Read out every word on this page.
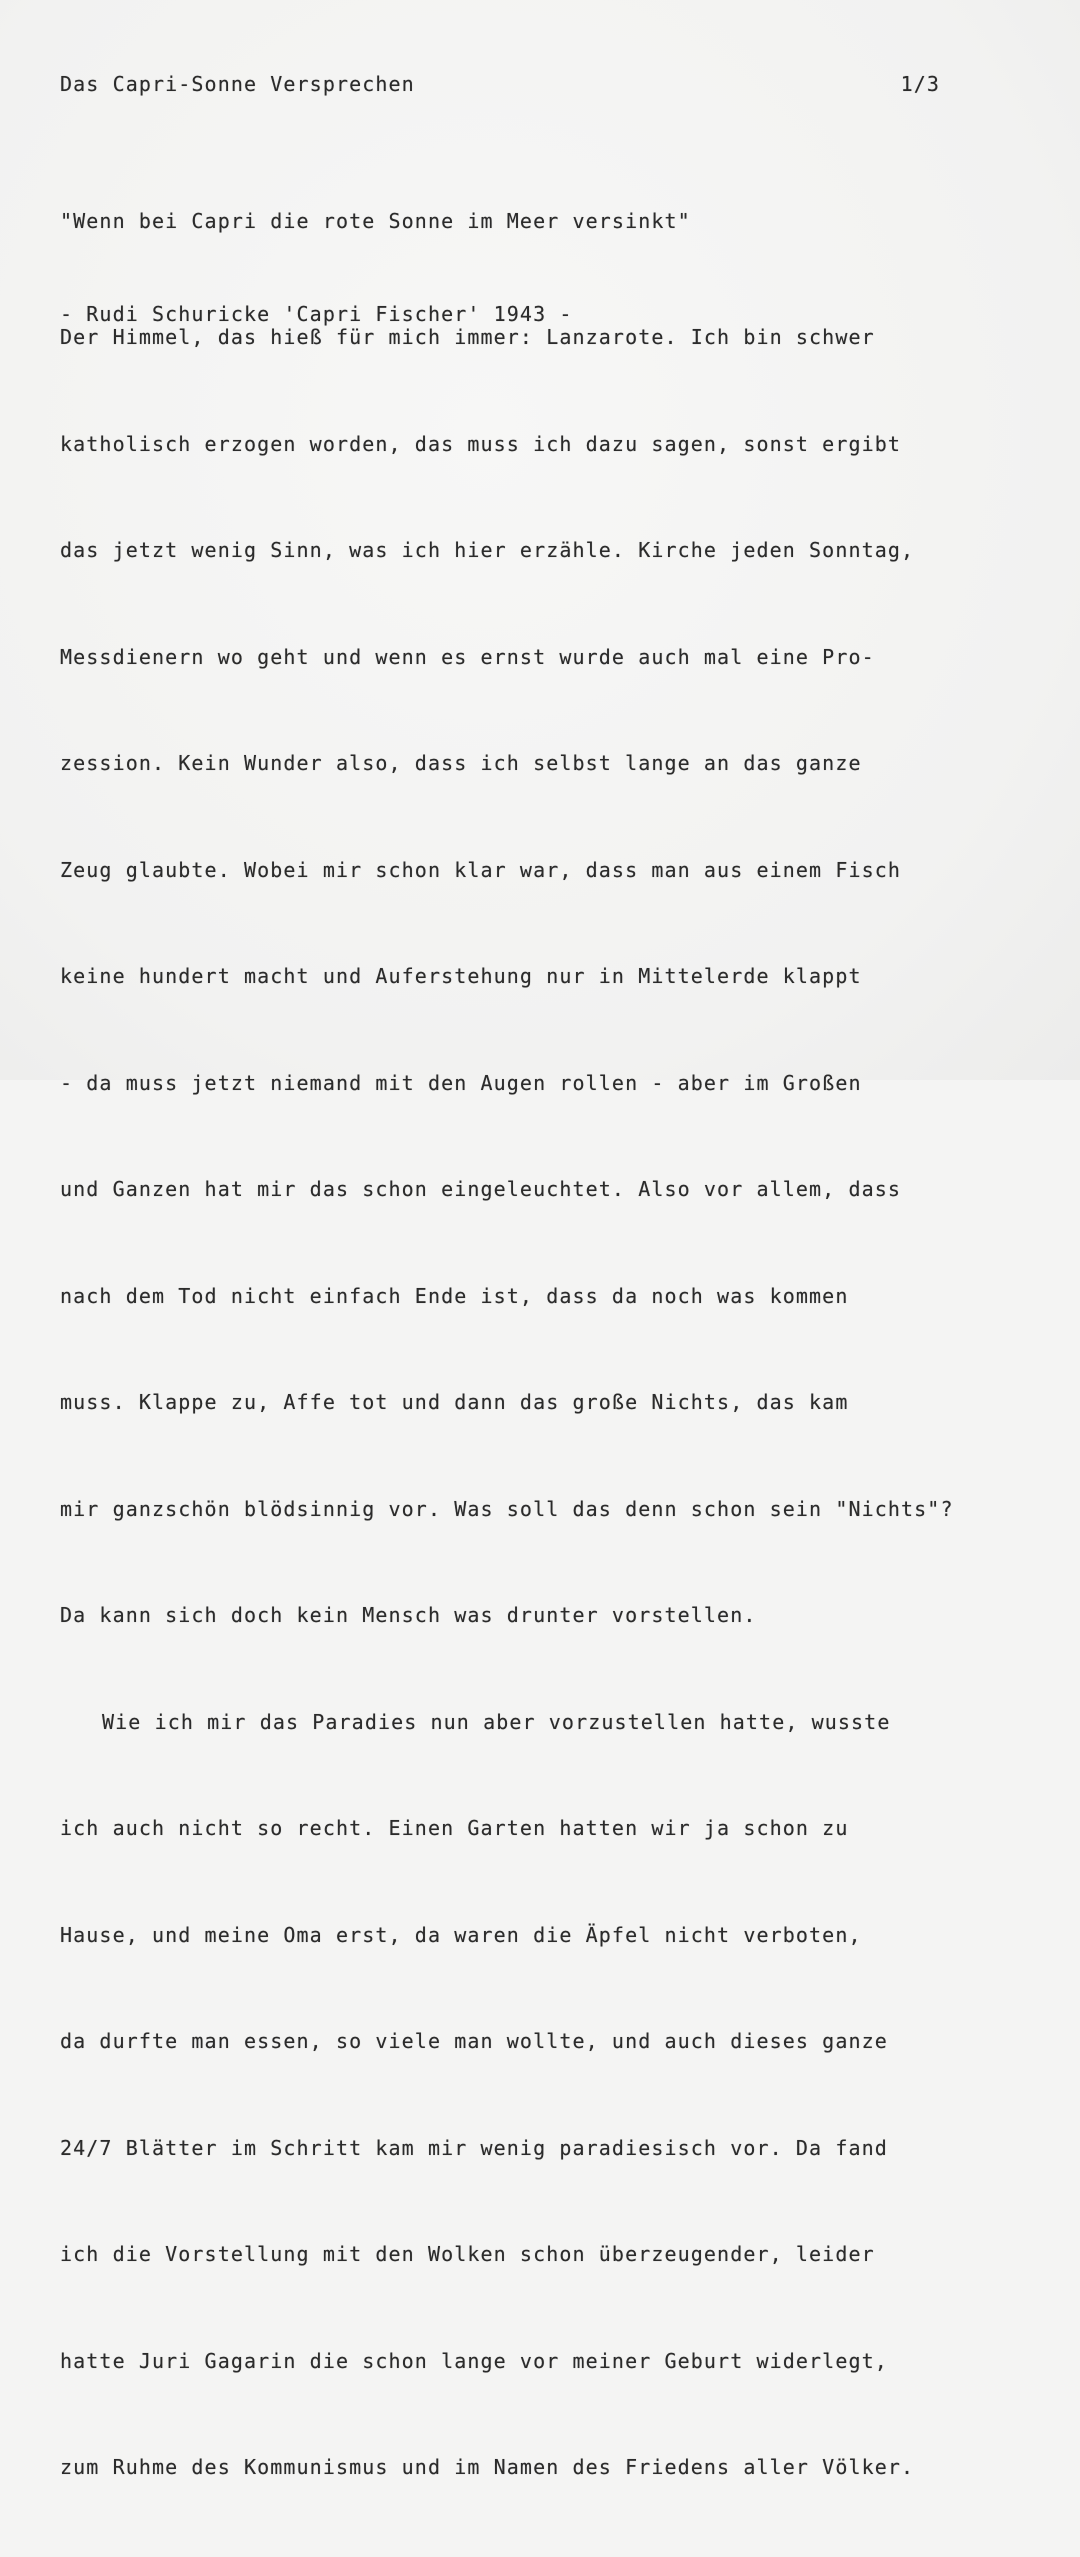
Das Capri-Sonne Versprechen	1/3

"Wenn bei Capri die rote Sonne im Meer versinkt"

- Rudi Schuricke 'Capri Fischer' 1943 -

Der Himmel, das hieß für mich immer: Lanzarote. Ich bin schwer

katholisch erzogen worden, das muss ich dazu sagen, sonst ergibt

das jetzt wenig Sinn, was ich hier erzähle. Kirche jeden Sonntag,

Messdienern wo geht und wenn es ernst wurde auch mal eine Pro-

zession. Kein Wunder also, dass ich selbst lange an das ganze

Zeug glaubte. Wobei mir schon klar war, dass man aus einem Fisch

keine hundert macht und Auferstehung nur in Mittelerde klappt

- da muss jetzt niemand mit den Augen rollen - aber im Großen

und Ganzen hat mir das schon eingeleuchtet. Also vor allem, dass

nach dem Tod nicht einfach Ende ist, dass da noch was kommen

muss. Klappe zu, Affe tot und dann das große Nichts, das kam

mir ganzschön blödsinnig vor. Was soll das denn schon sein "Nichts"?

Da kann sich doch kein Mensch was drunter vorstellen.

Wie ich mir das Paradies nun aber vorzustellen hatte, wusste

ich auch nicht so recht. Einen Garten hatten wir ja schon zu

Hause, und meine Oma erst, da waren die Äpfel nicht verboten,

da durfte man essen, so viele man wollte, und auch dieses ganze

24/7 Blätter im Schritt kam mir wenig paradiesisch vor. Da fand

ich die Vorstellung mit den Wolken schon überzeugender, leider

hatte Juri Gagarin die schon lange vor meiner Geburt widerlegt,

zum Ruhme des Kommunismus und im Namen des Friedens aller Völker.
